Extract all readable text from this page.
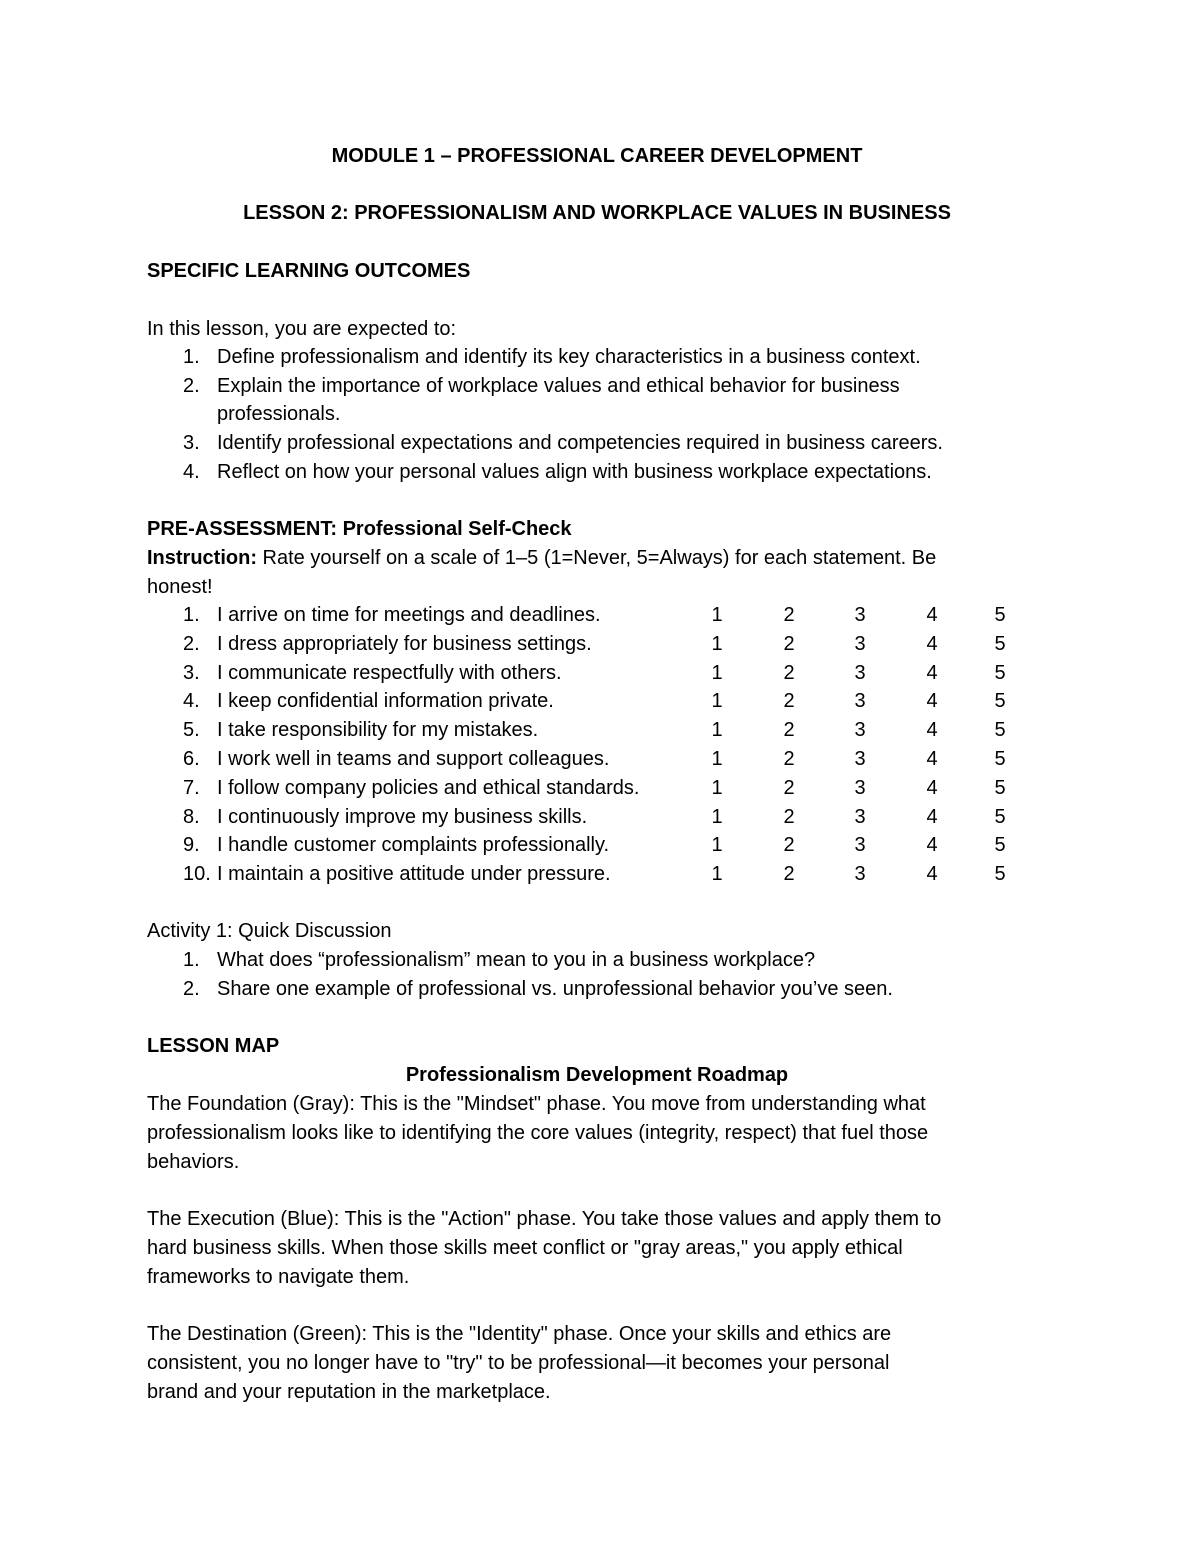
MODULE 1 – PROFESSIONAL CAREER DEVELOPMENT
LESSON 2: PROFESSIONALISM AND WORKPLACE VALUES IN BUSINESS
SPECIFIC LEARNING OUTCOMES
In this lesson, you are expected to:
1. Define professionalism and identify its key characteristics in a business context.
2. Explain the importance of workplace values and ethical behavior for business
professionals.
3. Identify professional expectations and competencies required in business careers.
4. Reflect on how your personal values align with business workplace expectations.
PRE-ASSESSMENT: Professional Self-Check
Instruction: Rate yourself on a scale of 1–5 (1=Never, 5=Always) for each statement. Be
honest!
1. I arrive on time for meetings and deadlines.	1	2	3	4	5
2. I dress appropriately for business settings.	1	2	3	4	5
3. I communicate respectfully with others.	1	2	3	4	5
4. I keep confidential information private.	1	2	3	4	5
5. I take responsibility for my mistakes.	1	2	3	4	5
6. I work well in teams and support colleagues.	1	2	3	4	5
7. I follow company policies and ethical standards.	1	2	3	4	5
8. I continuously improve my business skills.	1	2	3	4	5
9. I handle customer complaints professionally.	1	2	3	4	5
10. I maintain a positive attitude under pressure.	1	2	3	4	5
Activity 1: Quick Discussion
1. What does “professionalism” mean to you in a business workplace?
2. Share one example of professional vs. unprofessional behavior you’ve seen.
LESSON MAP
Professionalism Development Roadmap
The Foundation (Gray): This is the "Mindset" phase. You move from understanding what
professionalism looks like to identifying the core values (integrity, respect) that fuel those
behaviors.
The Execution (Blue): This is the "Action" phase. You take those values and apply them to
hard business skills. When those skills meet conflict or "gray areas," you apply ethical
frameworks to navigate them.
The Destination (Green): This is the "Identity" phase. Once your skills and ethics are
consistent, you no longer have to "try" to be professional—it becomes your personal
brand and your reputation in the marketplace.
